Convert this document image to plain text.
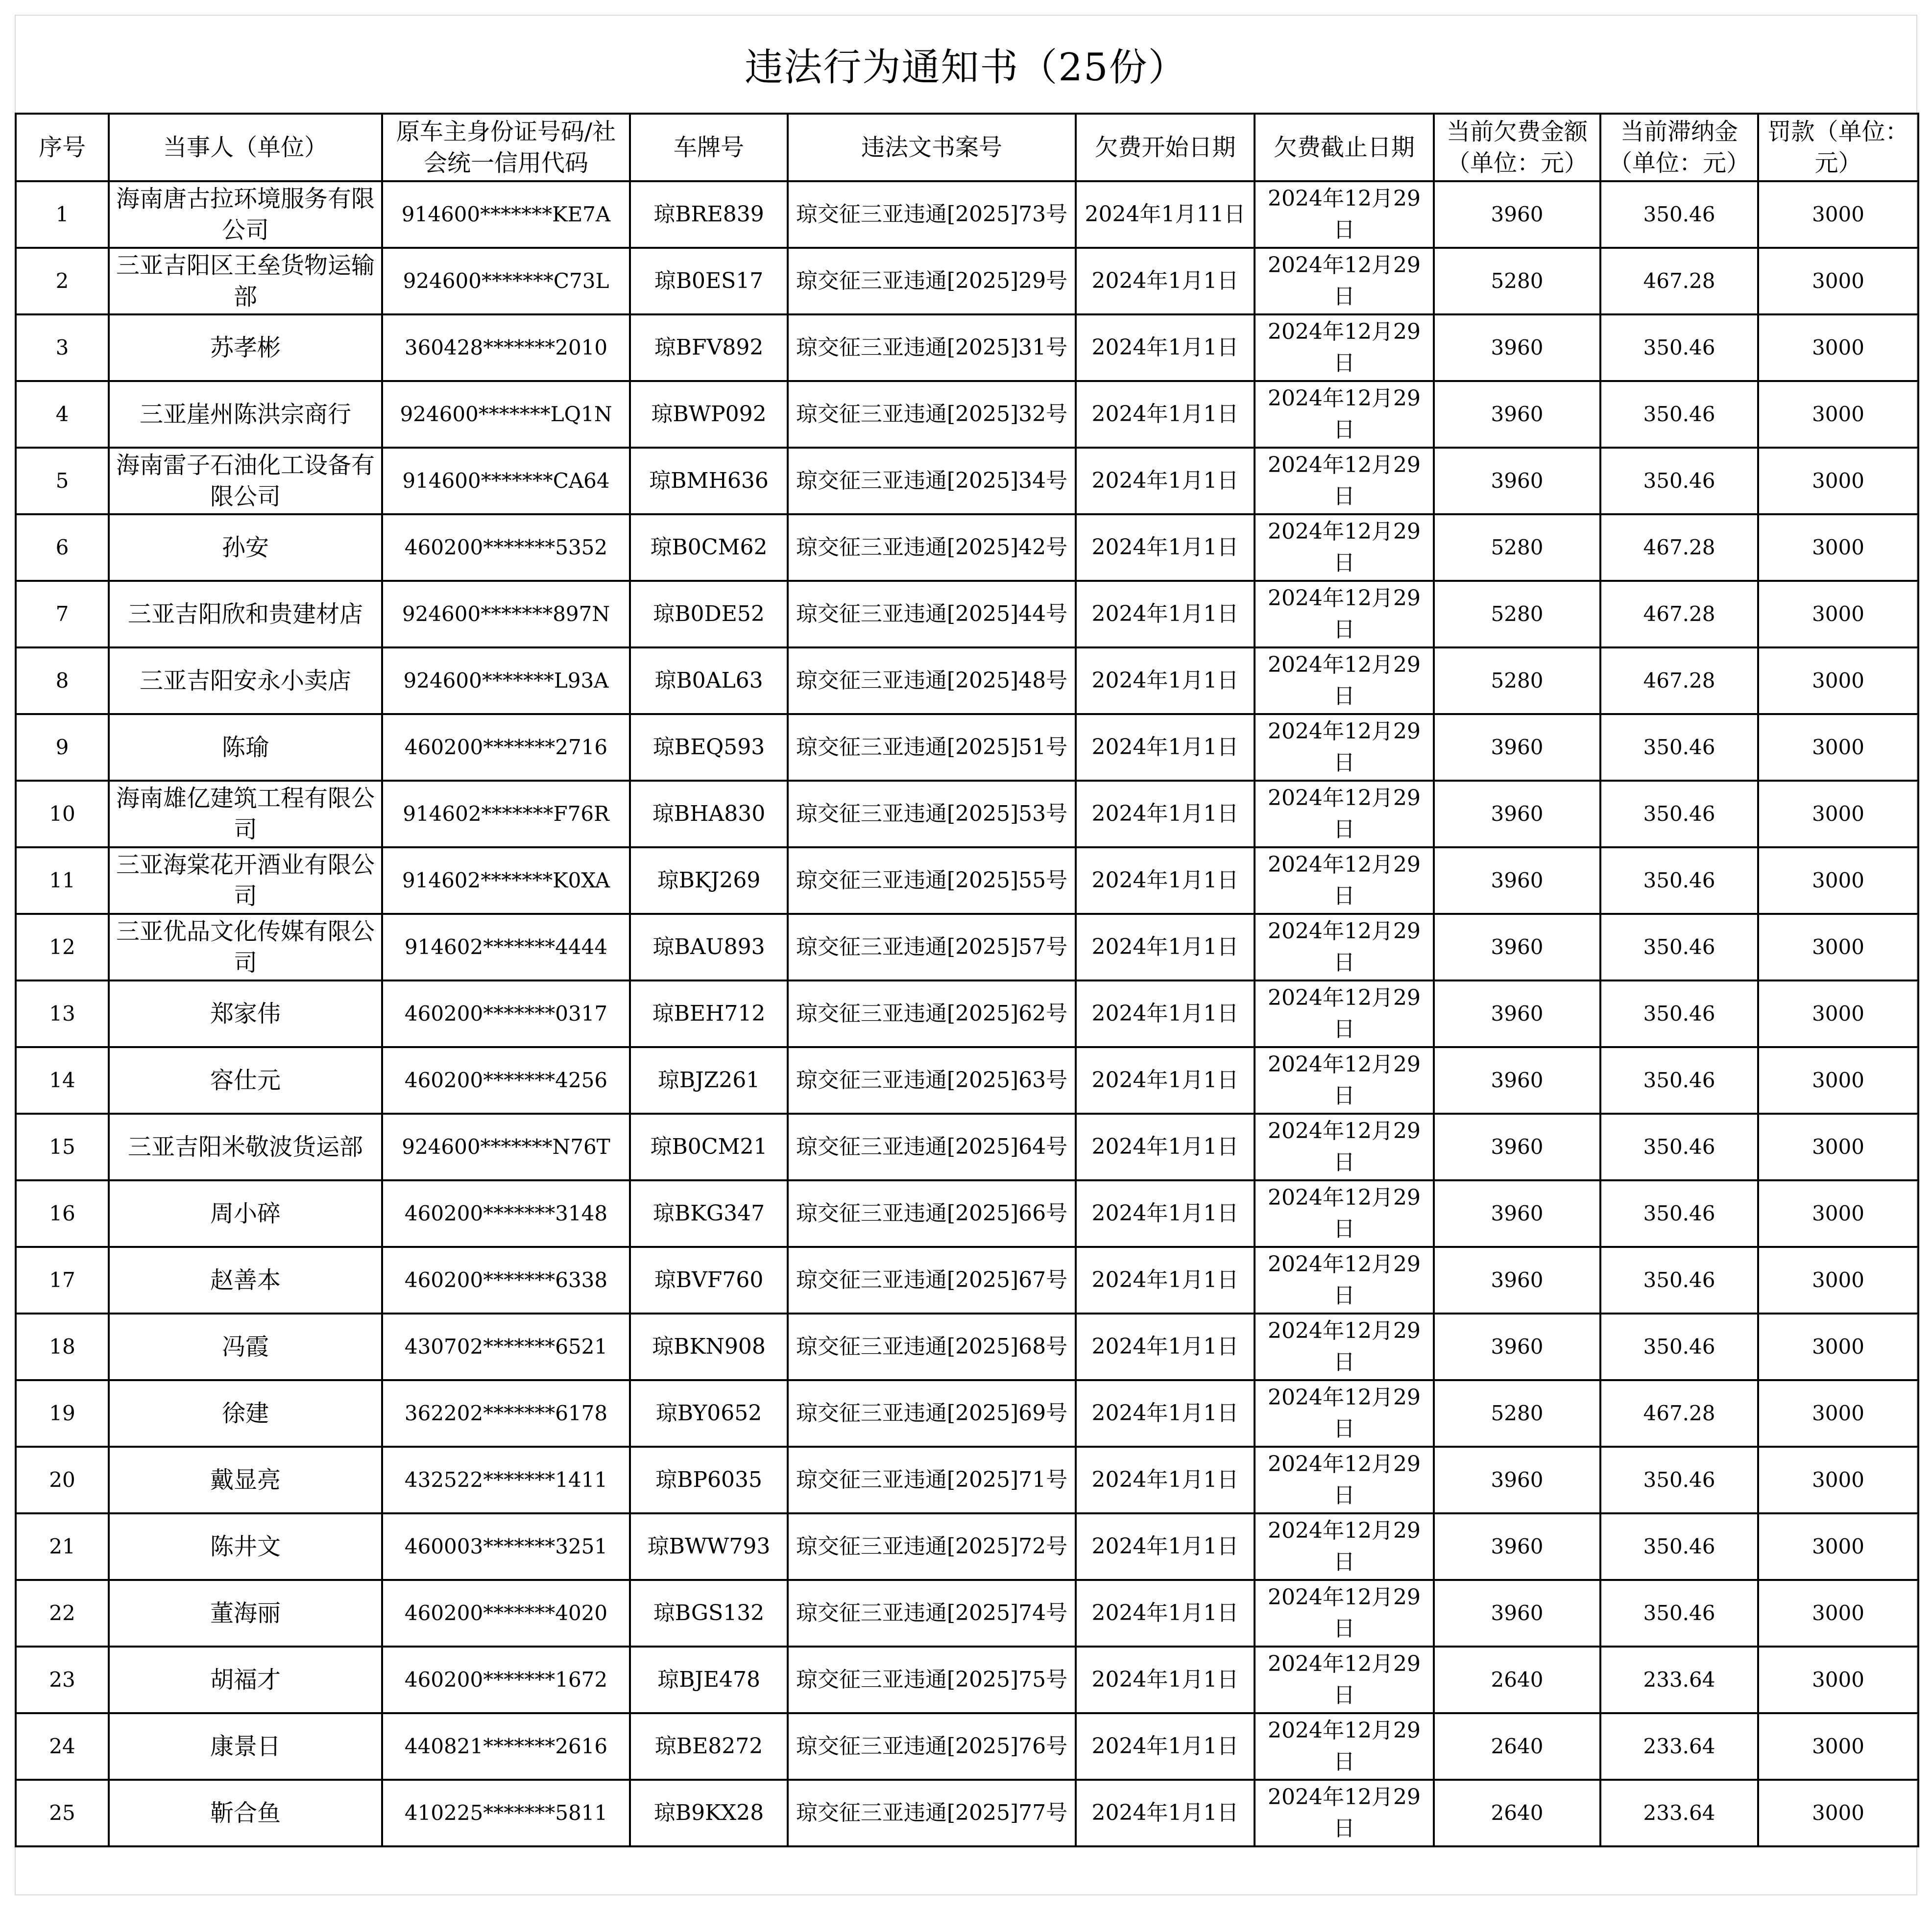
违法行为通知书（25份）
序号	当事人（单位）	原车主身份证号码/社会统一信用代码	车牌号	违法文书案号	欠费开始日期	欠费截止日期	当前欠费金额（单位：元）	当前滞纳金（单位：元）	罚款（单位：元）
1	海南唐古拉环境服务有限公司	914600*******KE7A	琼BRE839	琼交征三亚违通[2025]73号	2024年1月11日	2024年12月29日	3960	350.46	3000
2	三亚吉阳区王垒货物运输部	924600*******C73L	琼B0ES17	琼交征三亚违通[2025]29号	2024年1月1日	2024年12月29日	5280	467.28	3000
3	苏孝彬	360428*******2010	琼BFV892	琼交征三亚违通[2025]31号	2024年1月1日	2024年12月29日	3960	350.46	3000
4	三亚崖州陈洪宗商行	924600*******LQ1N	琼BWP092	琼交征三亚违通[2025]32号	2024年1月1日	2024年12月29日	3960	350.46	3000
5	海南雷子石油化工设备有限公司	914600*******CA64	琼BMH636	琼交征三亚违通[2025]34号	2024年1月1日	2024年12月29日	3960	350.46	3000
6	孙安	460200*******5352	琼B0CM62	琼交征三亚违通[2025]42号	2024年1月1日	2024年12月29日	5280	467.28	3000
7	三亚吉阳欣和贵建材店	924600*******897N	琼B0DE52	琼交征三亚违通[2025]44号	2024年1月1日	2024年12月29日	5280	467.28	3000
8	三亚吉阳安永小卖店	924600*******L93A	琼B0AL63	琼交征三亚违通[2025]48号	2024年1月1日	2024年12月29日	5280	467.28	3000
9	陈瑜	460200*******2716	琼BEQ593	琼交征三亚违通[2025]51号	2024年1月1日	2024年12月29日	3960	350.46	3000
10	海南雄亿建筑工程有限公司	914602*******F76R	琼BHA830	琼交征三亚违通[2025]53号	2024年1月1日	2024年12月29日	3960	350.46	3000
11	三亚海棠花开酒业有限公司	914602*******K0XA	琼BKJ269	琼交征三亚违通[2025]55号	2024年1月1日	2024年12月29日	3960	350.46	3000
12	三亚优品文化传媒有限公司	914602*******4444	琼BAU893	琼交征三亚违通[2025]57号	2024年1月1日	2024年12月29日	3960	350.46	3000
13	郑家伟	460200*******0317	琼BEH712	琼交征三亚违通[2025]62号	2024年1月1日	2024年12月29日	3960	350.46	3000
14	容仕元	460200*******4256	琼BJZ261	琼交征三亚违通[2025]63号	2024年1月1日	2024年12月29日	3960	350.46	3000
15	三亚吉阳米敬波货运部	924600*******N76T	琼B0CM21	琼交征三亚违通[2025]64号	2024年1月1日	2024年12月29日	3960	350.46	3000
16	周小碎	460200*******3148	琼BKG347	琼交征三亚违通[2025]66号	2024年1月1日	2024年12月29日	3960	350.46	3000
17	赵善本	460200*******6338	琼BVF760	琼交征三亚违通[2025]67号	2024年1月1日	2024年12月29日	3960	350.46	3000
18	冯霞	430702*******6521	琼BKN908	琼交征三亚违通[2025]68号	2024年1月1日	2024年12月29日	3960	350.46	3000
19	徐建	362202*******6178	琼BY0652	琼交征三亚违通[2025]69号	2024年1月1日	2024年12月29日	5280	467.28	3000
20	戴显亮	432522*******1411	琼BP6035	琼交征三亚违通[2025]71号	2024年1月1日	2024年12月29日	3960	350.46	3000
21	陈井文	460003*******3251	琼BWW793	琼交征三亚违通[2025]72号	2024年1月1日	2024年12月29日	3960	350.46	3000
22	董海丽	460200*******4020	琼BGS132	琼交征三亚违通[2025]74号	2024年1月1日	2024年12月29日	3960	350.46	3000
23	胡福才	460200*******1672	琼BJE478	琼交征三亚违通[2025]75号	2024年1月1日	2024年12月29日	2640	233.64	3000
24	康景日	440821*******2616	琼BE8272	琼交征三亚违通[2025]76号	2024年1月1日	2024年12月29日	2640	233.64	3000
25	靳合鱼	410225*******5811	琼B9KX28	琼交征三亚违通[2025]77号	2024年1月1日	2024年12月29日	2640	233.64	3000
